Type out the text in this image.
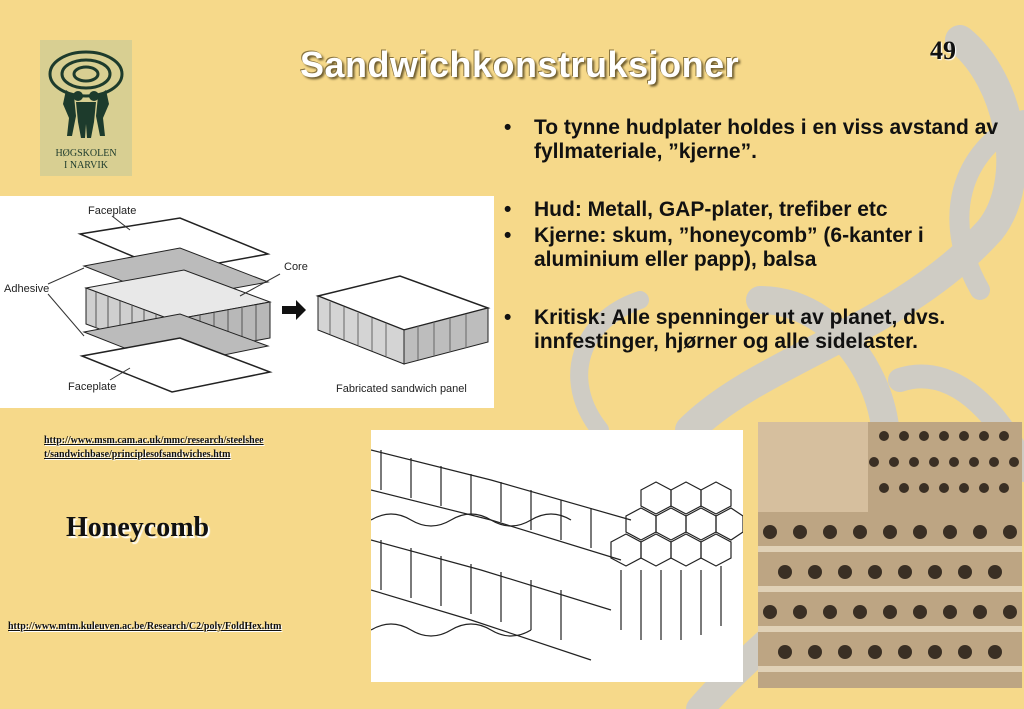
HØGSKOLEN
I NARVIK
Sandwichkonstruksjoner	49
• To tynne hudplater holdes i en viss avstand av fyllmateriale, ”kjerne”.
• Hud: Metall, GAP-plater, trefiber etc
• Kjerne: skum, ”honeycomb” (6-kanter i aluminium eller papp), balsa
• Kritisk: Alle spenninger ut av planet, dvs. innfestinger, hjørner og alle sidelaster.
Faceplate
Core
Adhesive
Faceplate	Fabricated sandwich panel
http://www.msm.cam.ac.uk/mmc/research/steelshee
t/sandwichbase/principlesofsandwiches.htm
Honeycomb
http://www.mtm.kuleuven.ac.be/Research/C2/poly/FoldHex.htm
